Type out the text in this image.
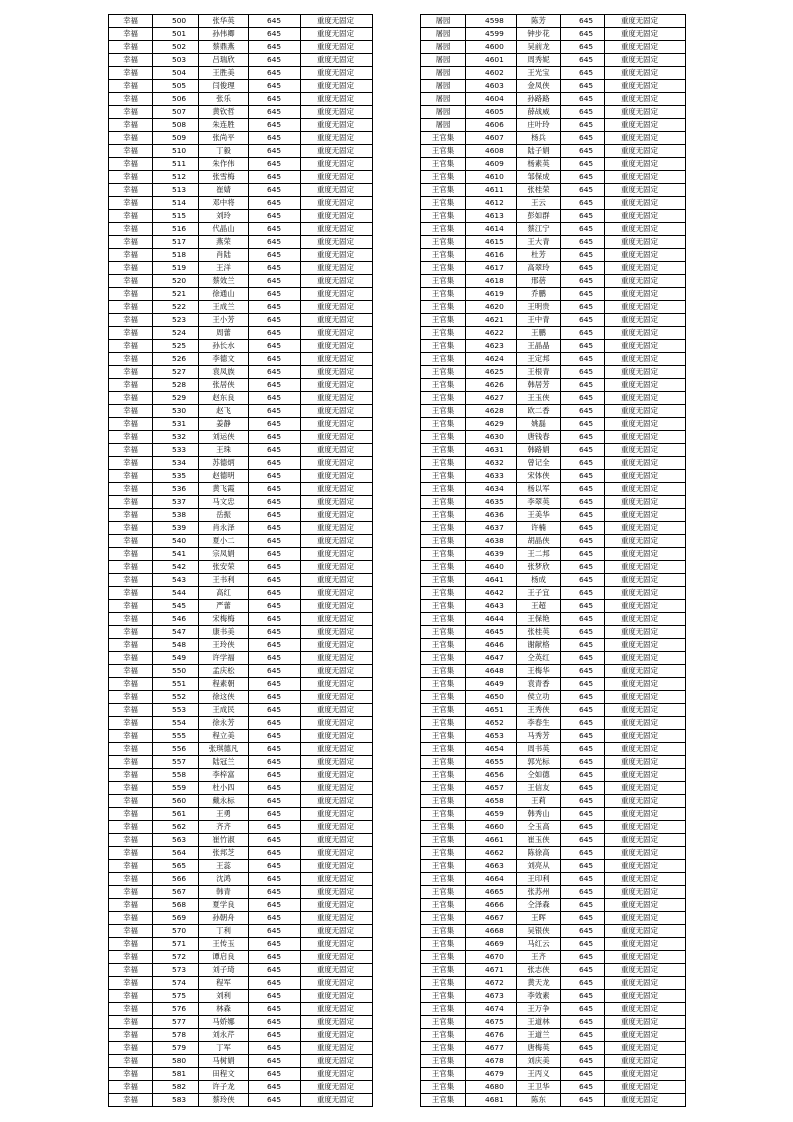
幸福	500	张华英	645	重度无固定
幸福	501	孙伟卿	645	重度无固定
幸福	502	蔡鼎燕	645	重度无固定
幸福	503	吕瑞欣	645	重度无固定
幸福	504	王胜美	645	重度无固定
幸福	505	闫俊理	645	重度无固定
幸福	506	张乐	645	重度无固定
幸福	507	黄钦哲	645	重度无固定
幸福	508	朱连胜	645	重度无固定
幸福	509	张尚平	645	重度无固定
幸福	510	丁毅	645	重度无固定
幸福	511	朱作伟	645	重度无固定
幸福	512	张雪梅	645	重度无固定
幸福	513	崔婧	645	重度无固定
幸福	514	邓中将	645	重度无固定
幸福	515	刘玲	645	重度无固定
幸福	516	代晶山	645	重度无固定
幸福	517	燕荣	645	重度无固定
幸福	518	肖陆	645	重度无固定
幸福	519	王洋	645	重度无固定
幸福	520	蔡效兰	645	重度无固定
幸福	521	徐通山	645	重度无固定
幸福	522	王成兰	645	重度无固定
幸福	523	王小芳	645	重度无固定
幸福	524	周蕾	645	重度无固定
幸福	525	孙长水	645	重度无固定
幸福	526	李德文	645	重度无固定
幸福	527	袁凤族	645	重度无固定
幸福	528	张居侠	645	重度无固定
幸福	529	赵东良	645	重度无固定
幸福	530	赵飞	645	重度无固定
幸福	531	姜静	645	重度无固定
幸福	532	刘运侠	645	重度无固定
幸福	533	王珠	645	重度无固定
幸福	534	苏德炳	645	重度无固定
幸福	535	赵德明	645	重度无固定
幸福	536	黄飞霞	645	重度无固定
幸福	537	马文忠	645	重度无固定
幸福	538	岳振	645	重度无固定
幸福	539	肖永泽	645	重度无固定
幸福	540	夏小二	645	重度无固定
幸福	541	宗凤娟	645	重度无固定
幸福	542	张安荣	645	重度无固定
幸福	543	王书利	645	重度无固定
幸福	544	高红	645	重度无固定
幸福	545	严蕾	645	重度无固定
幸福	546	宋梅梅	645	重度无固定
幸福	547	康书美	645	重度无固定
幸福	548	王玲侠	645	重度无固定
幸福	549	许学福	645	重度无固定
幸福	550	孟庆松	645	重度无固定
幸福	551	程素朝	645	重度无固定
幸福	552	徐这侠	645	重度无固定
幸福	553	王成民	645	重度无固定
幸福	554	徐永芳	645	重度无固定
幸福	555	程立美	645	重度无固定
幸福	556	张琪德凡	645	重度无固定
幸福	557	陆冠兰	645	重度无固定
幸福	558	李梓富	645	重度无固定
幸福	559	杜小四	645	重度无固定
幸福	560	戴永标	645	重度无固定
幸福	561	王勇	645	重度无固定
幸福	562	齐齐	645	重度无固定
幸福	563	崔竹淑	645	重度无固定
幸福	564	张邦芝	645	重度无固定
幸福	565	王蕊	645	重度无固定
幸福	566	沈鸿	645	重度无固定
幸福	567	韩青	645	重度无固定
幸福	568	夏学良	645	重度无固定
幸福	569	孙朝舟	645	重度无固定
幸福	570	丁利	645	重度无固定
幸福	571	王传玉	645	重度无固定
幸福	572	谭启良	645	重度无固定
幸福	573	刘子琦	645	重度无固定
幸福	574	程军	645	重度无固定
幸福	575	刘利	645	重度无固定
幸福	576	林森	645	重度无固定
幸福	577	马娇娜	645	重度无固定
幸福	578	刘永芹	645	重度无固定
幸福	579	丁军	645	重度无固定
幸福	580	马树娟	645	重度无固定
幸福	581	田程文	645	重度无固定
幸福	582	许子龙	645	重度无固定
幸福	583	蔡玲侠	645	重度无固定
屠园	4598	陈芳	645	重度无固定
屠园	4599	钟步花	645	重度无固定
屠园	4600	吴前龙	645	重度无固定
屠园	4601	周秀妮	645	重度无固定
屠园	4602	王光宝	645	重度无固定
屠园	4603	金凤侠	645	重度无固定
屠园	4604	孙路路	645	重度无固定
屠园	4605	薛战威	645	重度无固定
屠园	4606	庄叶玲	645	重度无固定
王官集	4607	杨兵	645	重度无固定
王官集	4608	陆子娟	645	重度无固定
王官集	4609	杨素英	645	重度无固定
王官集	4610	邹保成	645	重度无固定
王官集	4611	张桂荣	645	重度无固定
王官集	4612	王云	645	重度无固定
王官集	4613	彭如群	645	重度无固定
王官集	4614	蔡江宁	645	重度无固定
王官集	4615	王大青	645	重度无固定
王官集	4616	杜芳	645	重度无固定
王官集	4617	高翠玲	645	重度无固定
王官集	4618	邢蓓	645	重度无固定
王官集	4619	乔鹏	645	重度无固定
王官集	4620	王明贵	645	重度无固定
王官集	4621	王中青	645	重度无固定
王官集	4622	王鹏	645	重度无固定
王官集	4623	王晶晶	645	重度无固定
王官集	4624	王定邦	645	重度无固定
王官集	4625	王根青	645	重度无固定
王官集	4626	韩居芳	645	重度无固定
王官集	4627	王玉侠	645	重度无固定
王官集	4628	欧二香	645	重度无固定
王官集	4629	姚磊	645	重度无固定
王官集	4630	唐钱春	645	重度无固定
王官集	4631	韩路娟	645	重度无固定
王官集	4632	曾记全	645	重度无固定
王官集	4633	宋体侠	645	重度无固定
王官集	4634	杨以军	645	重度无固定
王官集	4635	李翠英	645	重度无固定
王官集	4636	王美华	645	重度无固定
王官集	4637	许楠	645	重度无固定
王官集	4638	胡晶侠	645	重度无固定
王官集	4639	王二邦	645	重度无固定
王官集	4640	张梦欣	645	重度无固定
王官集	4641	杨成	645	重度无固定
王官集	4642	王子宜	645	重度无固定
王官集	4643	王超	645	重度无固定
王官集	4644	王保艳	645	重度无固定
王官集	4645	张桂英	645	重度无固定
王官集	4646	谢献格	645	重度无固定
王官集	4647	仝英红	645	重度无固定
王官集	4648	王梅华	645	重度无固定
王官集	4649	袁青香	645	重度无固定
王官集	4650	侯立功	645	重度无固定
王官集	4651	王秀侠	645	重度无固定
王官集	4652	李春生	645	重度无固定
王官集	4653	马秀芳	645	重度无固定
王官集	4654	周书英	645	重度无固定
王官集	4655	郭光标	645	重度无固定
王官集	4656	仝如德	645	重度无固定
王官集	4657	王信友	645	重度无固定
王官集	4658	王莉	645	重度无固定
王官集	4659	韩秀山	645	重度无固定
王官集	4660	仝玉高	645	重度无固定
王官集	4661	崔玉侠	645	重度无固定
王官集	4662	陈徐高	645	重度无固定
王官集	4663	刘亮从	645	重度无固定
王官集	4664	王印利	645	重度无固定
王官集	4665	张苏州	645	重度无固定
王官集	4666	仝泽森	645	重度无固定
王官集	4667	王晖	645	重度无固定
王官集	4668	吴银侠	645	重度无固定
王官集	4669	马红云	645	重度无固定
王官集	4670	王齐	645	重度无固定
王官集	4671	张志侠	645	重度无固定
王官集	4672	黄天龙	645	重度无固定
王官集	4673	李效素	645	重度无固定
王官集	4674	王万争	645	重度无固定
王官集	4675	王道林	645	重度无固定
王官集	4676	王道兰	645	重度无固定
王官集	4677	唐梅英	645	重度无固定
王官集	4678	刘庆美	645	重度无固定
王官集	4679	王丙义	645	重度无固定
王官集	4680	王卫华	645	重度无固定
王官集	4681	陈东	645	重度无固定
